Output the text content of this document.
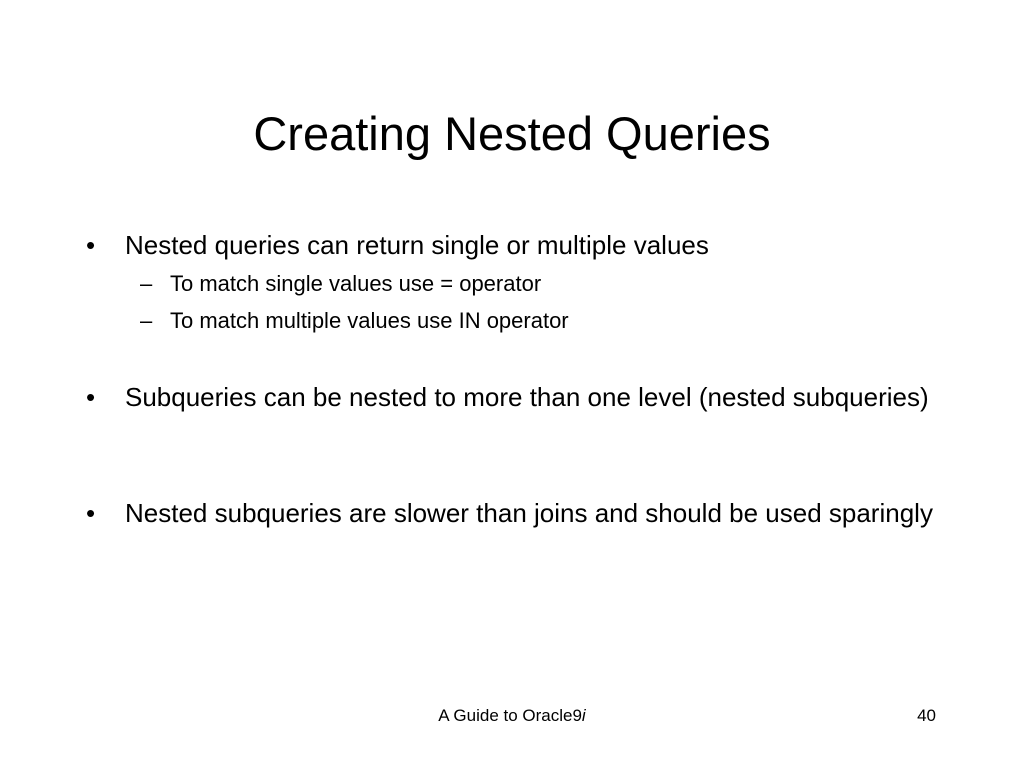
Creating Nested Queries
•	Nested queries can return single or multiple values
– To match single values use = operator
– To match multiple values use IN operator
•	Subqueries can be nested to more than one level (nested subqueries)
•	Nested subqueries are slower than joins and should be used sparingly
A Guide to Oracle9i	40
